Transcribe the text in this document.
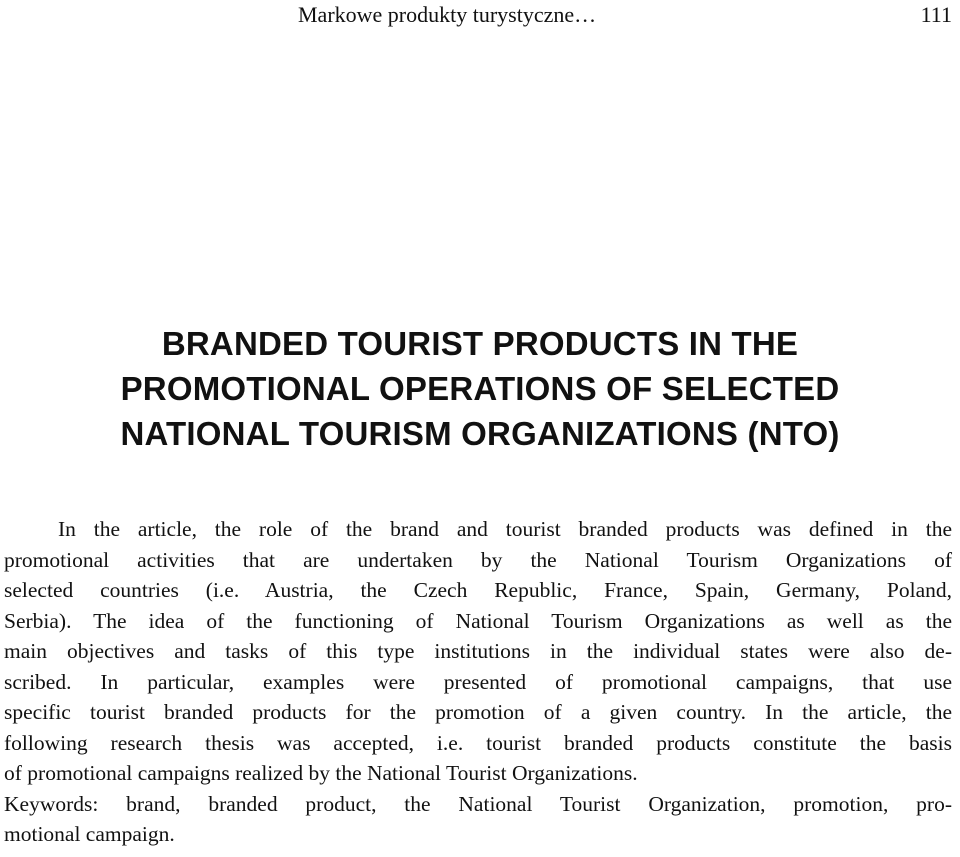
Markowe produkty turystyczne…	111
BRANDED TOURIST PRODUCTS IN THE
PROMOTIONAL OPERATIONS OF SELECTED
NATIONAL TOURISM ORGANIZATIONS (NTO)
In the article, the role of the brand and tourist branded products was defined in the
promotional activities that are undertaken by the National Tourism Organizations of
selected countries (i.e. Austria, the Czech Republic, France, Spain, Germany, Poland,
Serbia). The idea of the functioning of National Tourism Organizations as well as the
main objectives and tasks of this type institutions in the individual states were also de-
scribed. In particular, examples were presented of promotional campaigns, that use
specific tourist branded products for the promotion of a given country. In the article, the
following research thesis was accepted, i.e. tourist branded products constitute the basis
of promotional campaigns realized by the National Tourist Organizations.
Keywords: brand, branded product, the National Tourist Organization, promotion, pro-
motional campaign.
